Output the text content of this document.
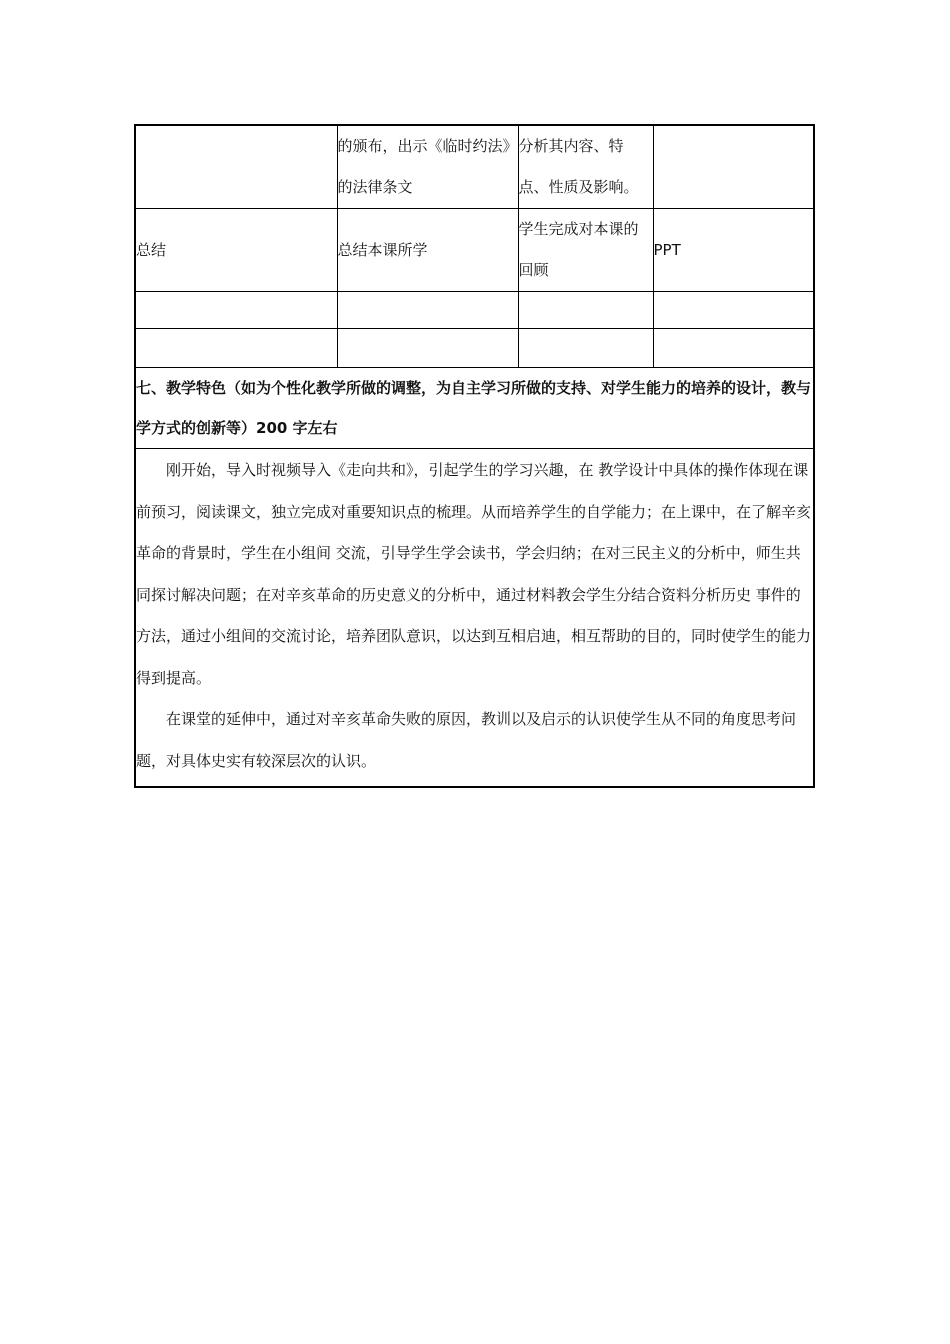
	的颁布，出示《临时约法》的法律条文	分析其内容、特点、性质及影响。	
总结	总结本课所学	学生完成对本课的回顾	PPT

七、教学特色（如为个性化教学所做的调整，为自主学习所做的支持、对学生能力的培养的设计，教与学方式的创新等）200 字左右			

刚开始，导入时视频导入《走向共和》，引起学生的学习兴趣，在 教学设计中具体的操作体现在课前预习，阅读课文，独立完成对重要知识点的梳理。从而培养学生的自学能力；在上课中，在了解辛亥革命的背景时，学生在小组间 交流，引导学生学会读书，学会归纳；在对三民主义的分析中，师生共同探讨解决问题；在对辛亥革命的历史意义的分析中，通过材料教会学生分结合资料分析历史 事件的方法，通过小组间的交流讨论，培养团队意识，以达到互相启迪，相互帮助的目的，同时使学生的能力得到提高。

在课堂的延伸中，通过对辛亥革命失败的原因，教训以及启示的认识使学生从不同的角度思考问题，对具体史实有较深层次的认识。			
